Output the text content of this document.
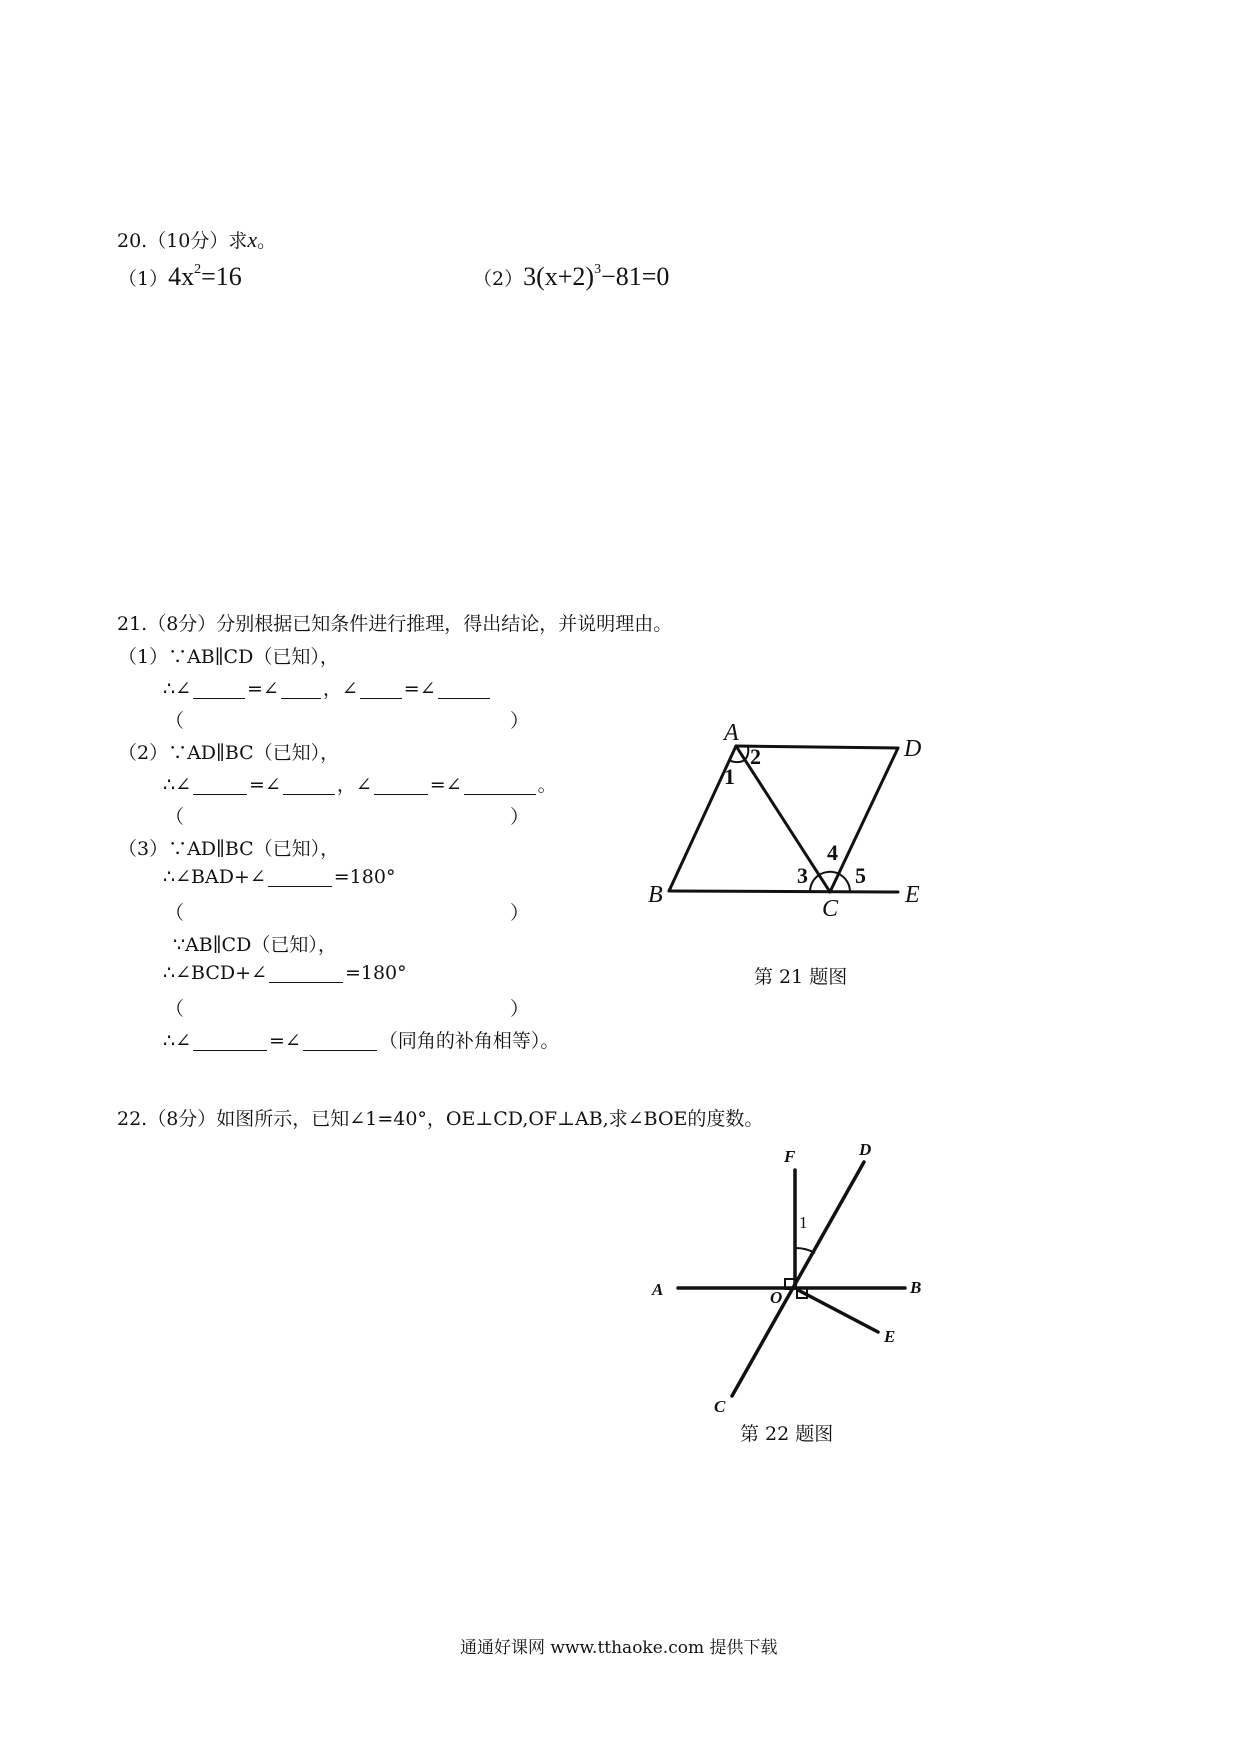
20.（10分）求x。
$(1)4x^2=16$	$(2)3(x+2)^3-81=0$
21.（8分）分别根据已知条件进行推理，得出结论，并说明理由。
（1）∵AB∥CD（已知），
∴∠	=∠ ，∠ =∠
（	）
（2）∵AD∥BC（已知），
∴∠	=∠	，∠	=∠	。
（	）
（3）∵AD∥BC（已知），
∴∠BAD+∠	=180°
（	）
∵AB∥CD（已知），
∴∠BCD+∠	=180°
（	）
∴∠	=∠	（同角的补角相等）。
A
D
B
C
E
1
2
3
4
5
第 21 题图
22.（8分）如图所示，已知∠1=40°，OE⊥CD,OF⊥AB,求∠BOE的度数。
F	D
A	B
O
E
C
1
第 22 题图
通通好课网 www.tthaoke.com 提供下载
